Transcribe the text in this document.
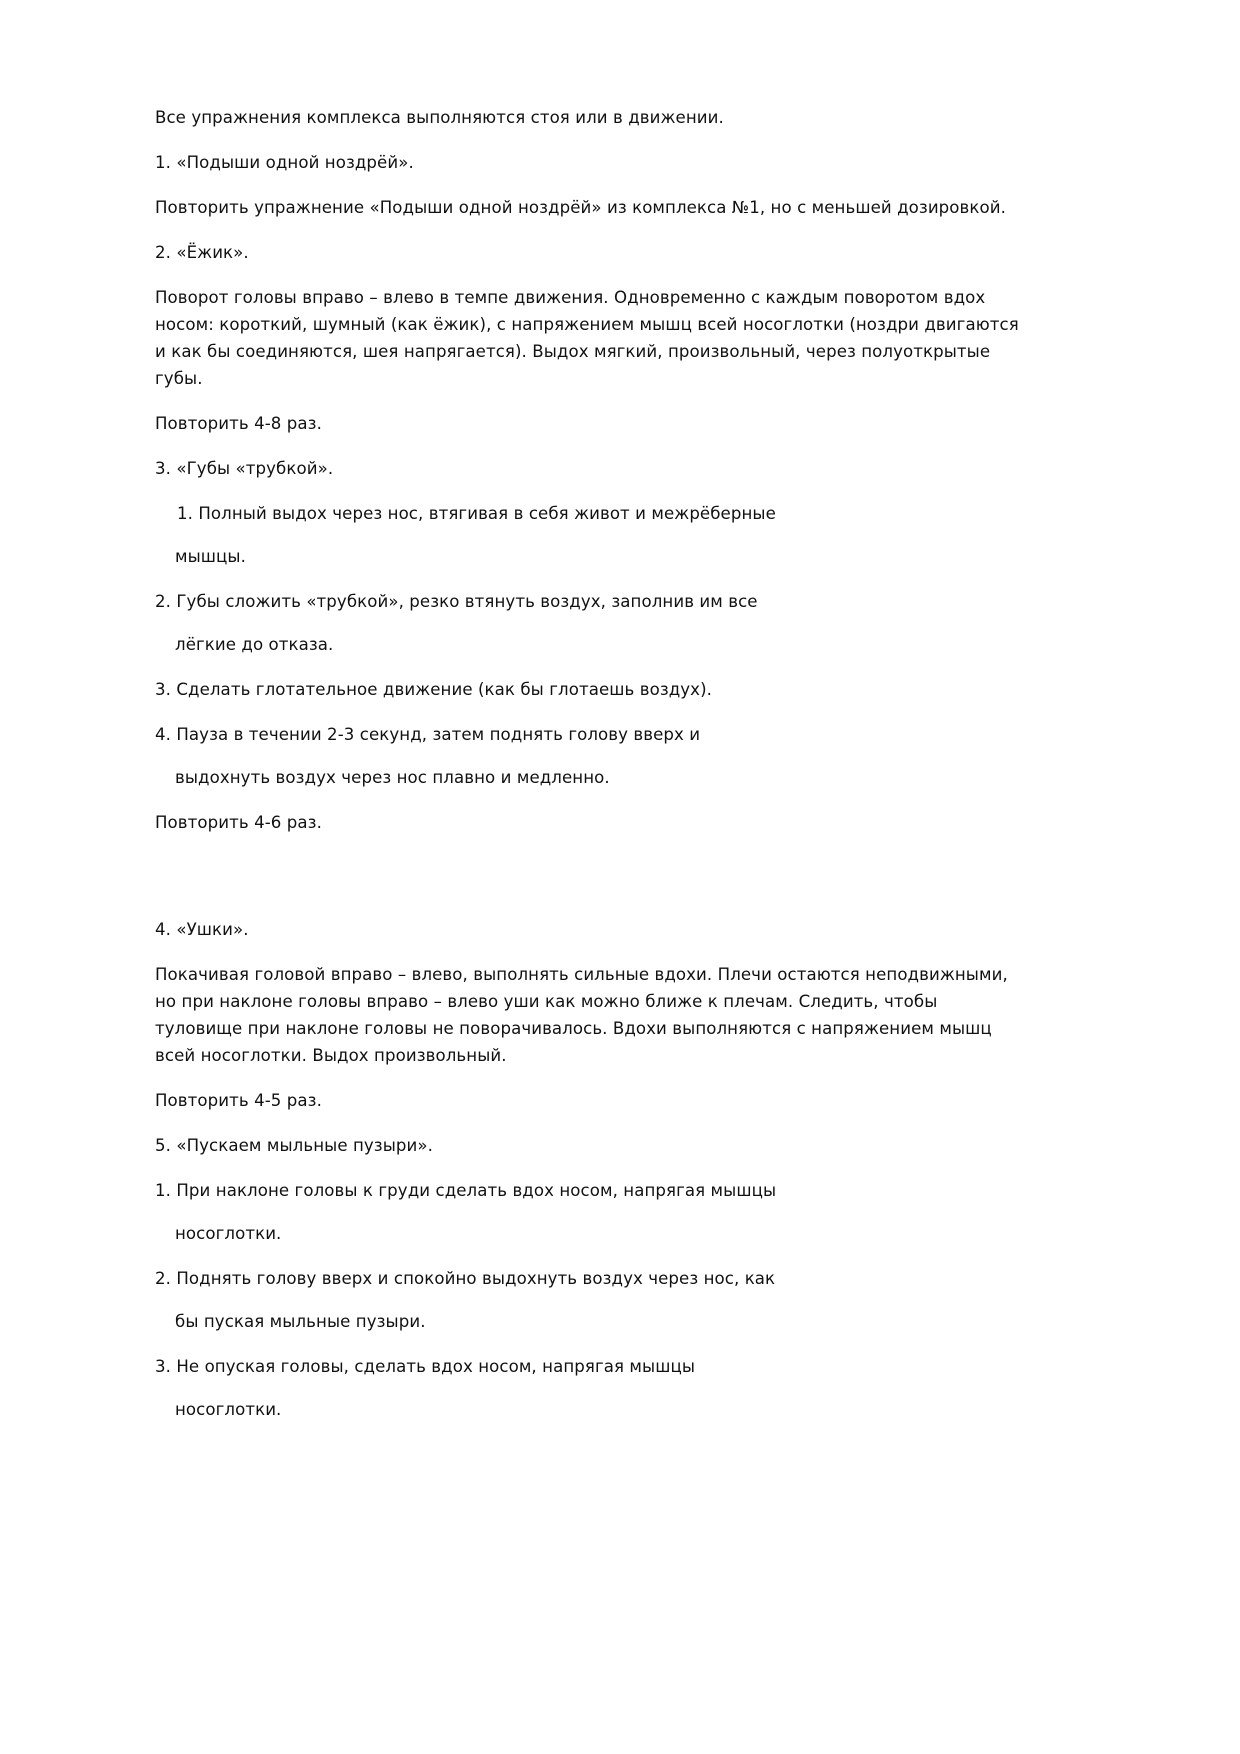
Все упражнения комплекса выполняются стоя или в движении.

1. «Подыши одной ноздрёй».

Повторить упражнение «Подыши одной ноздрёй» из комплекса №1, но с меньшей дозировкой.

2. «Ёжик».

Поворот головы вправо – влево в темпе движения. Одновременно с каждым поворотом вдох носом: короткий, шумный (как ёжик), с напряжением мышц всей носоглотки (ноздри двигаются и как бы соединяются, шея напрягается). Выдох мягкий, произвольный, через полуоткрытые губы.

Повторить 4-8 раз.

3. «Губы «трубкой».

1. Полный выдох через нос, втягивая в себя живот и межрёберные

мышцы.

2. Губы сложить «трубкой», резко втянуть воздух, заполнив им все

лёгкие до отказа.

3. Сделать глотательное движение (как бы глотаешь воздух).

4. Пауза в течении 2-3 секунд, затем поднять голову вверх и

выдохнуть воздух через нос плавно и медленно.

Повторить 4-6 раз.

4. «Ушки».

Покачивая головой вправо – влево, выполнять сильные вдохи. Плечи остаются неподвижными, но при наклоне головы вправо – влево уши как можно ближе к плечам. Следить, чтобы туловище при наклоне головы не поворачивалось. Вдохи выполняются с напряжением мышц всей носоглотки. Выдох произвольный.

Повторить 4-5 раз.

5. «Пускаем мыльные пузыри».

1. При наклоне головы к груди сделать вдох носом, напрягая мышцы

носоглотки.

2. Поднять голову вверх и спокойно выдохнуть воздух через нос, как

бы пуская мыльные пузыри.

3. Не опуская головы, сделать вдох носом, напрягая мышцы

носоглотки.
